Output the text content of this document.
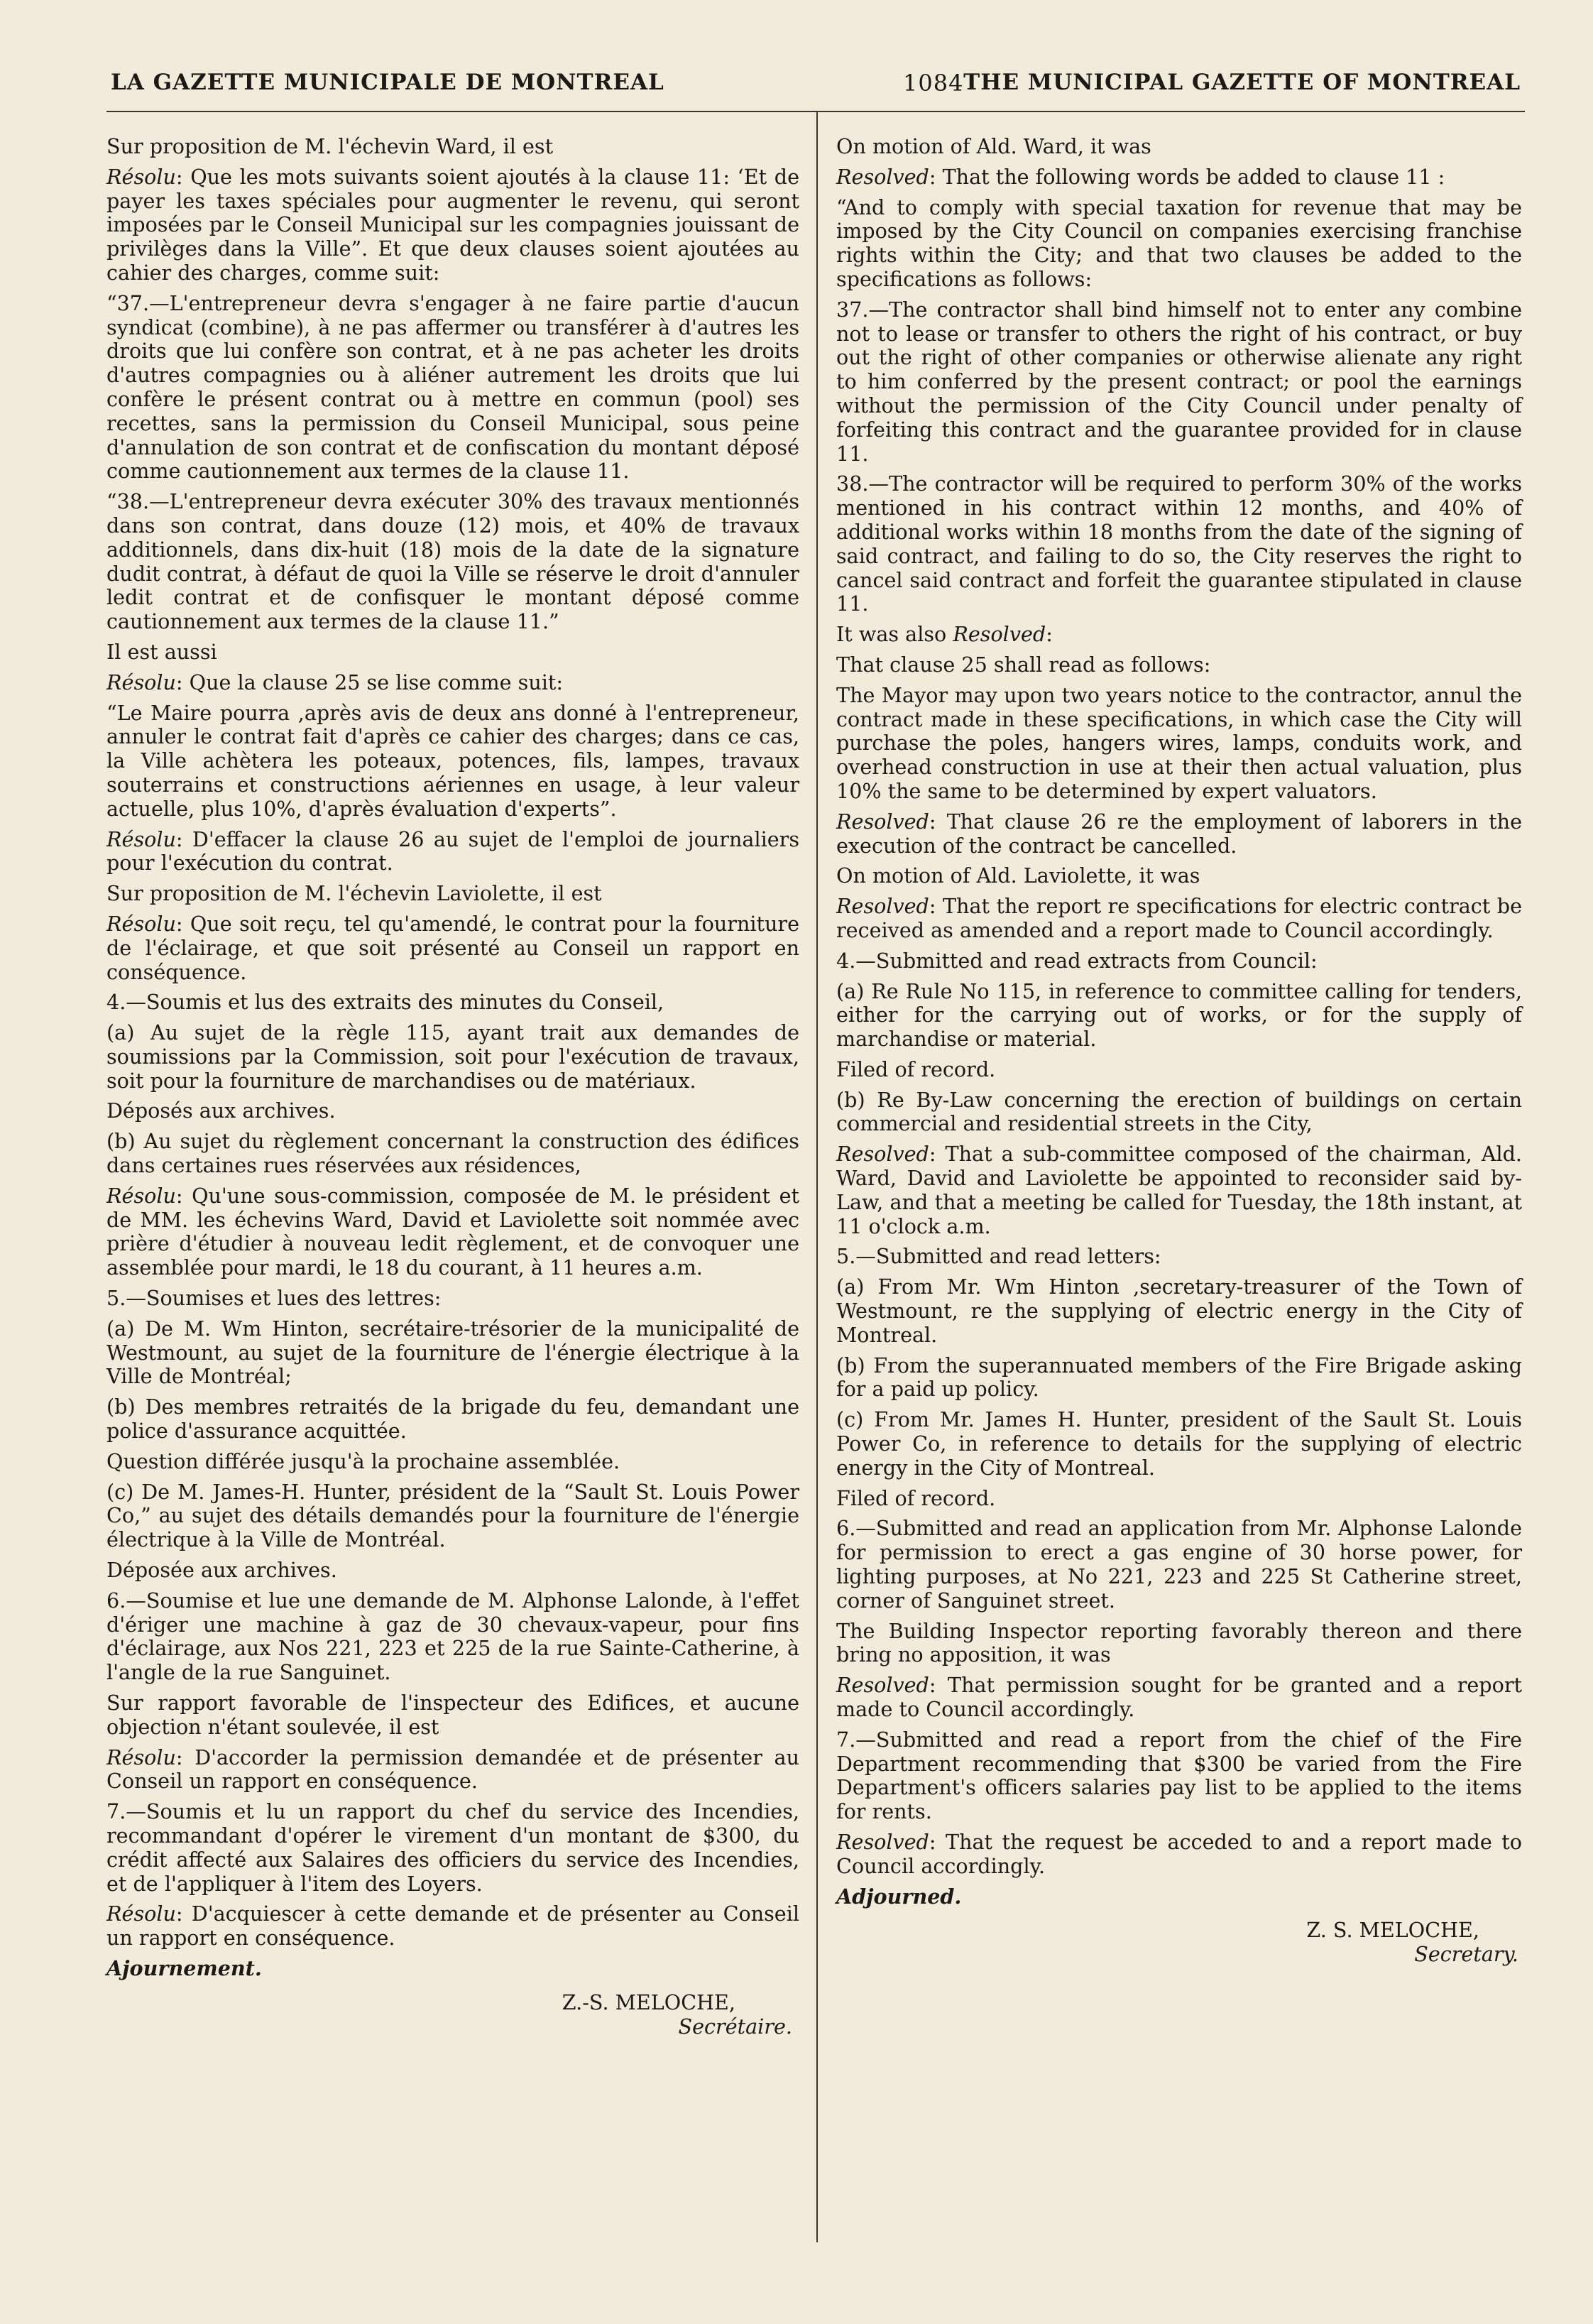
LA GAZETTE MUNICIPALE DE MONTREAL	1084 THE MUNICIPAL GAZETTE OF MONTREAL

Sur proposition de M. l'échevin Ward, il est

Résolu: Que les mots suivants soient ajoutés à la clause 11: ‘Et de payer les taxes spéciales pour augmenter le revenu, qui seront imposées par le Conseil Municipal sur les compagnies jouissant de privilèges dans la Ville”. Et que deux clauses soient ajoutées au cahier des charges, comme suit:

“37.—L'entrepreneur devra s'engager à ne faire partie d'aucun syndicat (combine), à ne pas affermer ou transférer à d'autres les droits que lui confère son contrat, et à ne pas acheter les droits d'autres compagnies ou à aliéner autrement les droits que lui confère le présent contrat ou à mettre en commun (pool) ses recettes, sans la permission du Conseil Municipal, sous peine d'annulation de son contrat et de confiscation du montant déposé comme cautionnement aux termes de la clause 11.

“38.—L'entrepreneur devra exécuter 30% des travaux mentionnés dans son contrat, dans douze (12) mois, et 40% de travaux additionnels, dans dix-huit (18) mois de la date de la signature dudit contrat, à défaut de quoi la Ville se réserve le droit d'annuler ledit contrat et de confisquer le montant déposé comme cautionnement aux termes de la clause 11.”

Il est aussi

Résolu: Que la clause 25 se lise comme suit:

“Le Maire pourra ,après avis de deux ans donné à l'entrepreneur, annuler le contrat fait d'après ce cahier des charges; dans ce cas, la Ville achètera les poteaux, potences, fils, lampes, travaux souterrains et constructions aériennes en usage, à leur valeur actuelle, plus 10%, d'après évaluation d'experts”.

Résolu: D'effacer la clause 26 au sujet de l'emploi de journaliers pour l'exécution du contrat.

Sur proposition de M. l'échevin Laviolette, il est

Résolu: Que soit reçu, tel qu'amendé, le contrat pour la fourniture de l'éclairage, et que soit présenté au Conseil un rapport en conséquence.

4.—Soumis et lus des extraits des minutes du Conseil,

(a) Au sujet de la règle 115, ayant trait aux demandes de soumissions par la Commission, soit pour l'exécution de travaux, soit pour la fourniture de marchandises ou de matériaux.

Déposés aux archives.

(b) Au sujet du règlement concernant la construction des édifices dans certaines rues réservées aux résidences,

Résolu: Qu'une sous-commission, composée de M. le président et de MM. les échevins Ward, David et Laviolette soit nommée avec prière d'étudier à nouveau ledit règlement, et de convoquer une assemblée pour mardi, le 18 du courant, à 11 heures a.m.

5.—Soumises et lues des lettres:

(a) De M. Wm Hinton, secrétaire-trésorier de la municipalité de Westmount, au sujet de la fourniture de l'énergie électrique à la Ville de Montréal;

(b) Des membres retraités de la brigade du feu, demandant une police d'assurance acquittée.

Question différée jusqu'à la prochaine assemblée.

(c) De M. James-H. Hunter, président de la “Sault St. Louis Power Co,” au sujet des détails demandés pour la fourniture de l'énergie électrique à la Ville de Montréal.

Déposée aux archives.

6.—Soumise et lue une demande de M. Alphonse Lalonde, à l'effet d'ériger une machine à gaz de 30 chevaux-vapeur, pour fins d'éclairage, aux Nos 221, 223 et 225 de la rue Sainte-Catherine, à l'angle de la rue Sanguinet.

Sur rapport favorable de l'inspecteur des Edifices, et aucune objection n'étant soulevée, il est

Résolu: D'accorder la permission demandée et de présenter au Conseil un rapport en conséquence.

7.—Soumis et lu un rapport du chef du service des Incendies, recommandant d'opérer le virement d'un montant de $300, du crédit affecté aux Salaires des officiers du service des Incendies, et de l'appliquer à l'item des Loyers.

Résolu: D'acquiescer à cette demande et de présenter au Conseil un rapport en conséquence.

Ajournement.

Z.-S. MELOCHE,
Secrétaire.

On motion of Ald. Ward, it was

Resolved: That the following words be added to clause 11 :

“And to comply with special taxation for revenue that may be imposed by the City Council on companies exercising franchise rights within the City; and that two clauses be added to the specifications as follows:

37.—The contractor shall bind himself not to enter any combine not to lease or transfer to others the right of his contract, or buy out the right of other companies or otherwise alienate any right to him conferred by the present contract; or pool the earnings without the permission of the City Council under penalty of forfeiting this contract and the guarantee provided for in clause 11.

38.—The contractor will be required to perform 30% of the works mentioned in his contract within 12 months, and 40% of additional works within 18 months from the date of the signing of said contract, and failing to do so, the City reserves the right to cancel said contract and forfeit the guarantee stipulated in clause 11.

It was also Resolved:

That clause 25 shall read as follows:

The Mayor may upon two years notice to the contractor, annul the contract made in these specifications, in which case the City will purchase the poles, hangers wires, lamps, conduits work, and overhead construction in use at their then actual valuation, plus 10% the same to be determined by expert valuators.

Resolved: That clause 26 re the employment of laborers in the execution of the contract be cancelled.

On motion of Ald. Laviolette, it was

Resolved: That the report re specifications for electric contract be received as amended and a report made to Council accordingly.

4.—Submitted and read extracts from Council:

(a) Re Rule No 115, in reference to committee calling for tenders, either for the carrying out of works, or for the supply of marchandise or material.

Filed of record.

(b) Re By-Law concerning the erection of buildings on certain commercial and residential streets in the City,

Resolved: That a sub-committee composed of the chairman, Ald. Ward, David and Laviolette be appointed to reconsider said by-Law, and that a meeting be called for Tuesday, the 18th instant, at 11 o'clock a.m.

5.—Submitted and read letters:

(a) From Mr. Wm Hinton ,secretary-treasurer of the Town of Westmount, re the supplying of electric energy in the City of Montreal.

(b) From the superannuated members of the Fire Brigade asking for a paid up policy.

(c) From Mr. James H. Hunter, president of the Sault St. Louis Power Co, in reference to details for the supplying of electric energy in the City of Montreal.

Filed of record.

6.—Submitted and read an application from Mr. Alphonse Lalonde for permission to erect a gas engine of 30 horse power, for lighting purposes, at No 221, 223 and 225 St Catherine street, corner of Sanguinet street.

The Building Inspector reporting favorably thereon and there bring no apposition, it was

Resolved: That permission sought for be granted and a report made to Council accordingly.

7.—Submitted and read a report from the chief of the Fire Department recommending that $300 be varied from the Fire Department's officers salaries pay list to be applied to the items for rents.

Resolved: That the request be acceded to and a report made to Council accordingly.

Adjourned.

Z. S. MELOCHE,
Secretary.
